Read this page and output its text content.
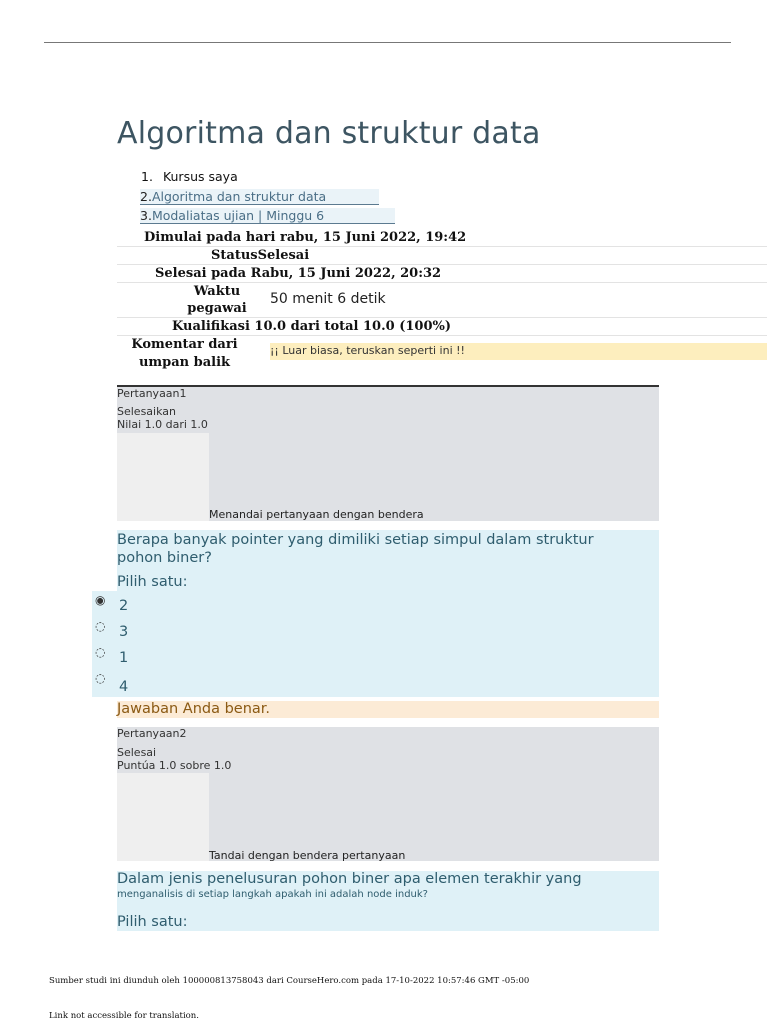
Algoritma dan struktur data
1. Kursus saya
2.Algoritma dan struktur data
3.Modaliatas ujian | Minggu 6
Dimulai pada hari rabu, 15 Juni 2022, 19:42
StatusSelesai
Selesai pada Rabu, 15 Juni 2022, 20:32
Waktu pegawai
50 menit 6 detik
Kualifikasi 10.0 dari total 10.0 (100%)
Komentar dari umpan balik
¡¡ Luar biasa, teruskan seperti ini !!
Pertanyaan1
Selesaikan
Nilai 1.0 dari 1.0
Menandai pertanyaan dengan bendera
Berapa banyak pointer yang dimiliki setiap simpul dalam struktur pohon biner?
Pilih satu:
◉
◌
◌
◌
2
3
1
4
Jawaban Anda benar.
Pertanyaan2
Selesai
Puntúa 1.0 sobre 1.0
Tandai dengan bendera pertanyaan
Dalam jenis penelusuran pohon biner apa elemen terakhir yang
menganalisis di setiap langkah apakah ini adalah node induk?
Pilih satu:
Sumber studi ini diunduh oleh 100000813758043 dari CourseHero.com pada 17-10-2022 10:57:46 GMT -05:00
Link not accessible for translation.
